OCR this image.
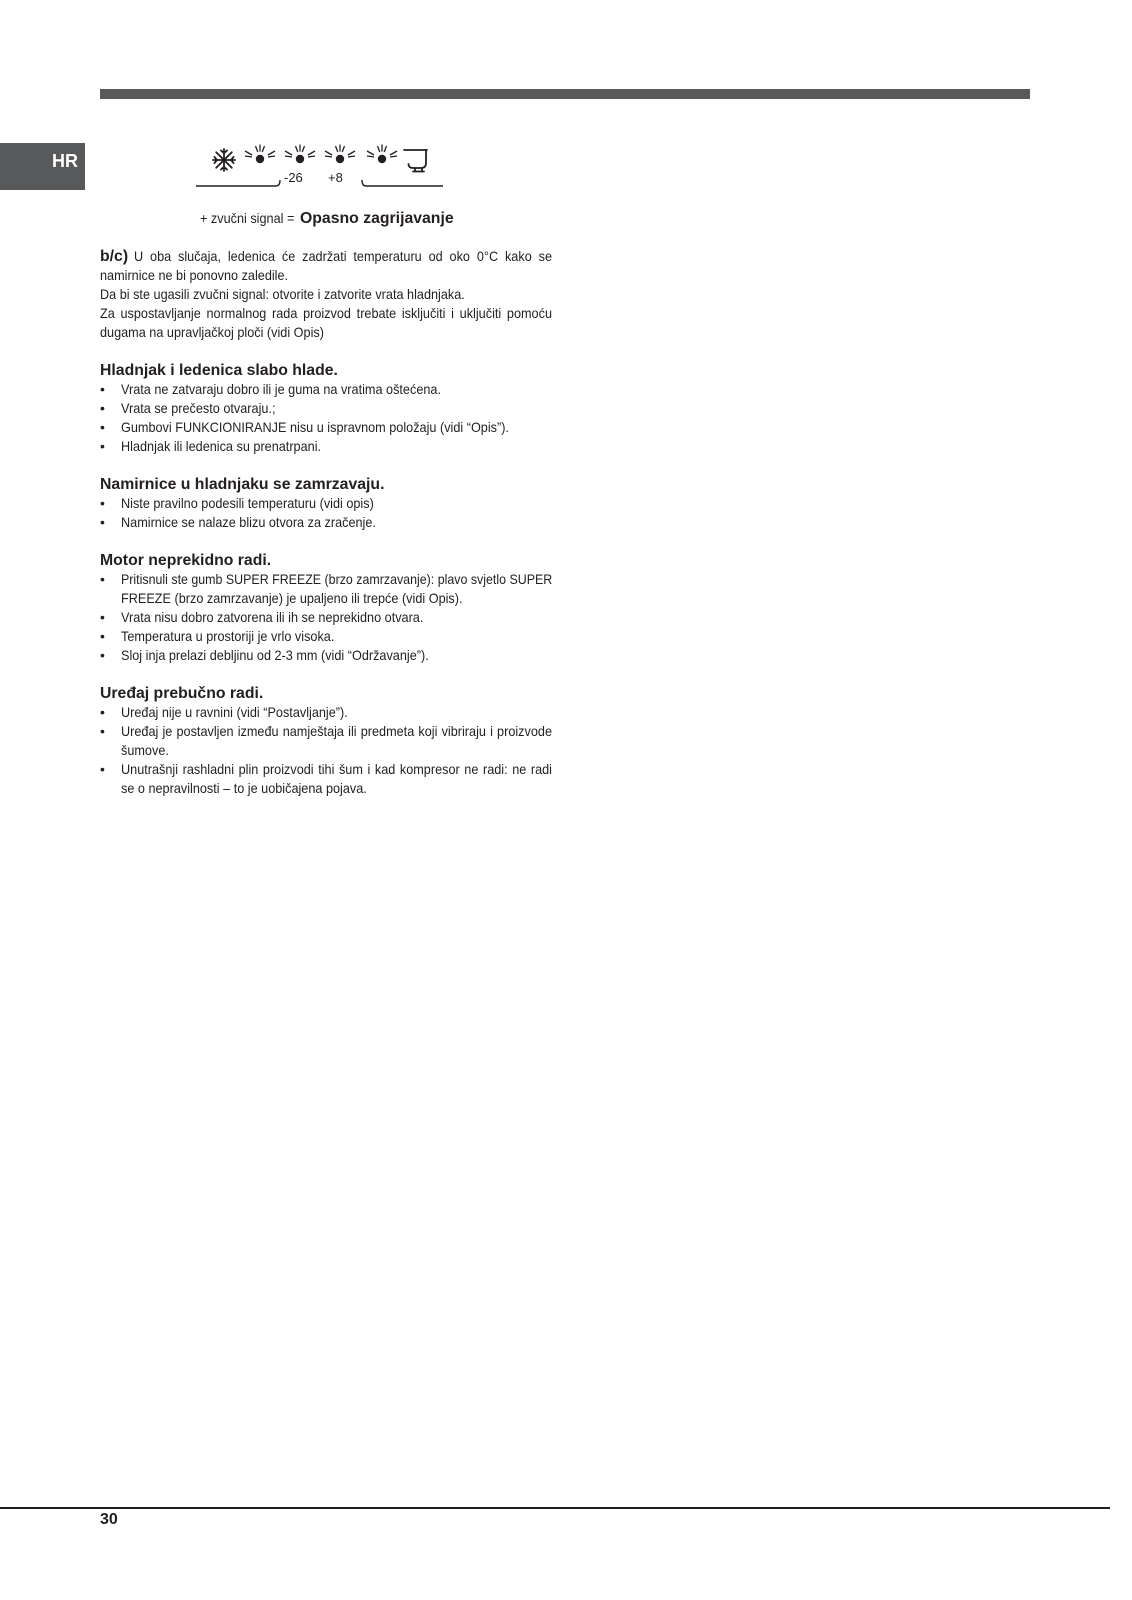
HR
-26 +8
+ zvučni signal = Opasno zagrijavanje
b/c) U oba slučaja, ledenica će zadržati temperaturu od oko 0°C kako se
namirnice ne bi ponovno zaledile.
Da bi ste ugasili zvučni signal: otvorite i zatvorite vrata hladnjaka.
Za uspostavljanje normalnog rada proizvod trebate isključiti i uključiti pomoću
dugama na upravljačkoj ploči (vidi Opis)
Hladnjak i ledenica slabo hlade.
• Vrata ne zatvaraju dobro ili je guma na vratima oštećena.
• Vrata se prečesto otvaraju.;
• Gumbovi FUNKCIONIRANJE nisu u ispravnom položaju (vidi “Opis”).
• Hladnjak ili ledenica su prenatrpani.
Namirnice u hladnjaku se zamrzavaju.
• Niste pravilno podesili temperaturu (vidi opis)
• Namirnice se nalaze blizu otvora za zračenje.
Motor neprekidno radi.
• Pritisnuli ste gumb SUPER FREEZE (brzo zamrzavanje): plavo svjetlo SUPER
FREEZE (brzo zamrzavanje) je upaljeno ili trepće (vidi Opis).
• Vrata nisu dobro zatvorena ili ih se neprekidno otvara.
• Temperatura u prostoriji je vrlo visoka.
• Sloj inja prelazi debljinu od 2-3 mm (vidi “Održavanje”).
Uređaj prebučno radi.
• Uređaj nije u ravnini (vidi “Postavljanje”).
• Uređaj je postavljen između namještaja ili predmeta koji vibriraju i proizvode
šumove.
• Unutrašnji rashladni plin proizvodi tihi šum i kad kompresor ne radi: ne radi
se o nepravilnosti – to je uobičajena pojava.
30
